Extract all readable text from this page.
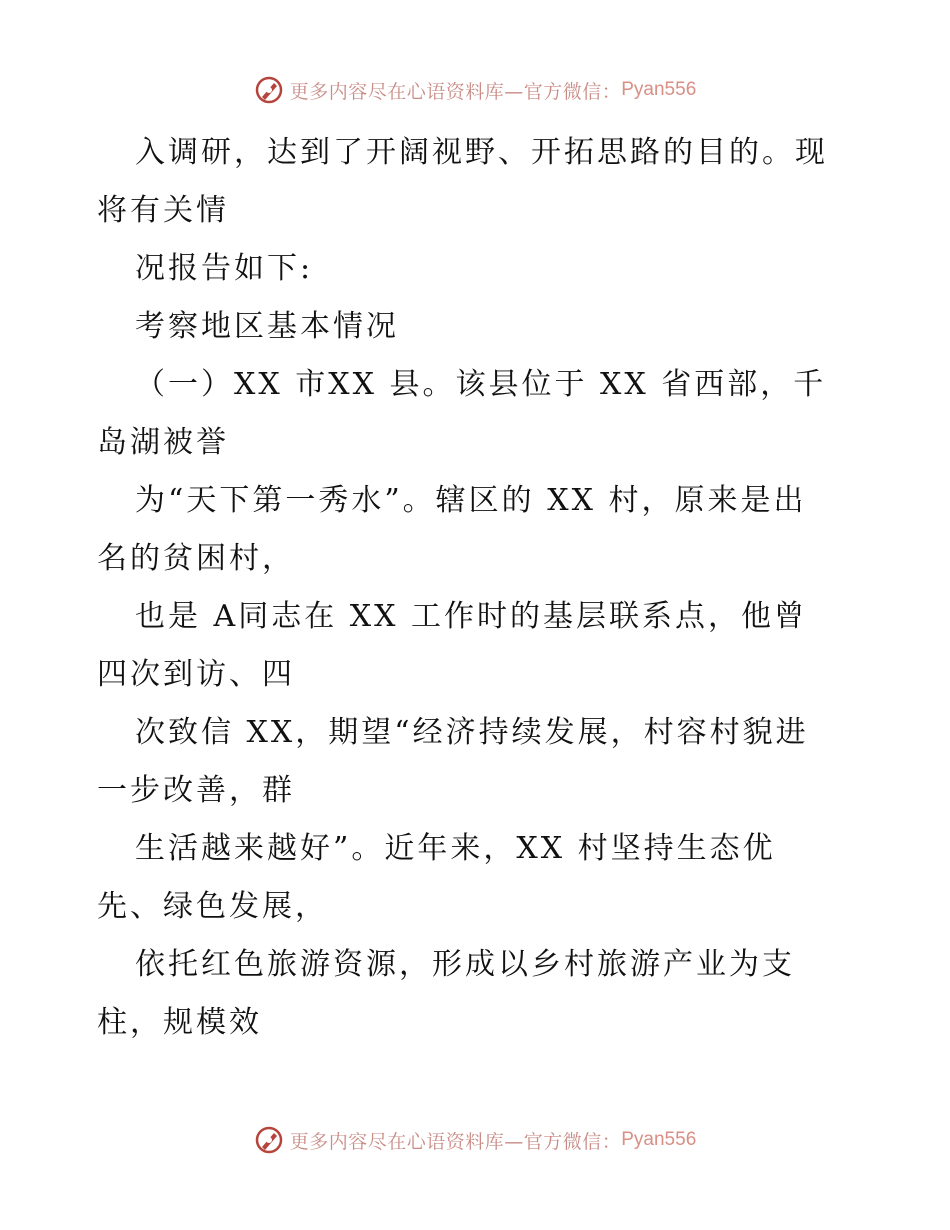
更多内容尽在心语资料库—官方微信： Pyan556
入调研，达到了开阔视野、开拓思路的目的。现
将有关情
况报告如下:
考察地区基本情况
（一）XX 市XX 县。该县位于 XX 省西部，千
岛湖被誉
为“天下第一秀水”。辖区的 XX 村，原来是出
名的贫困村，
也是 A同志在 XX 工作时的基层联系点，他曾
四次到访、四
次致信 XX，期望“经济持续发展，村容村貌进
一步改善，群
生活越来越好”。近年来，XX 村坚持生态优
先、绿色发展，
依托红色旅游资源，形成以乡村旅游产业为支
柱，规模效
更多内容尽在心语资料库—官方微信： Pyan556
